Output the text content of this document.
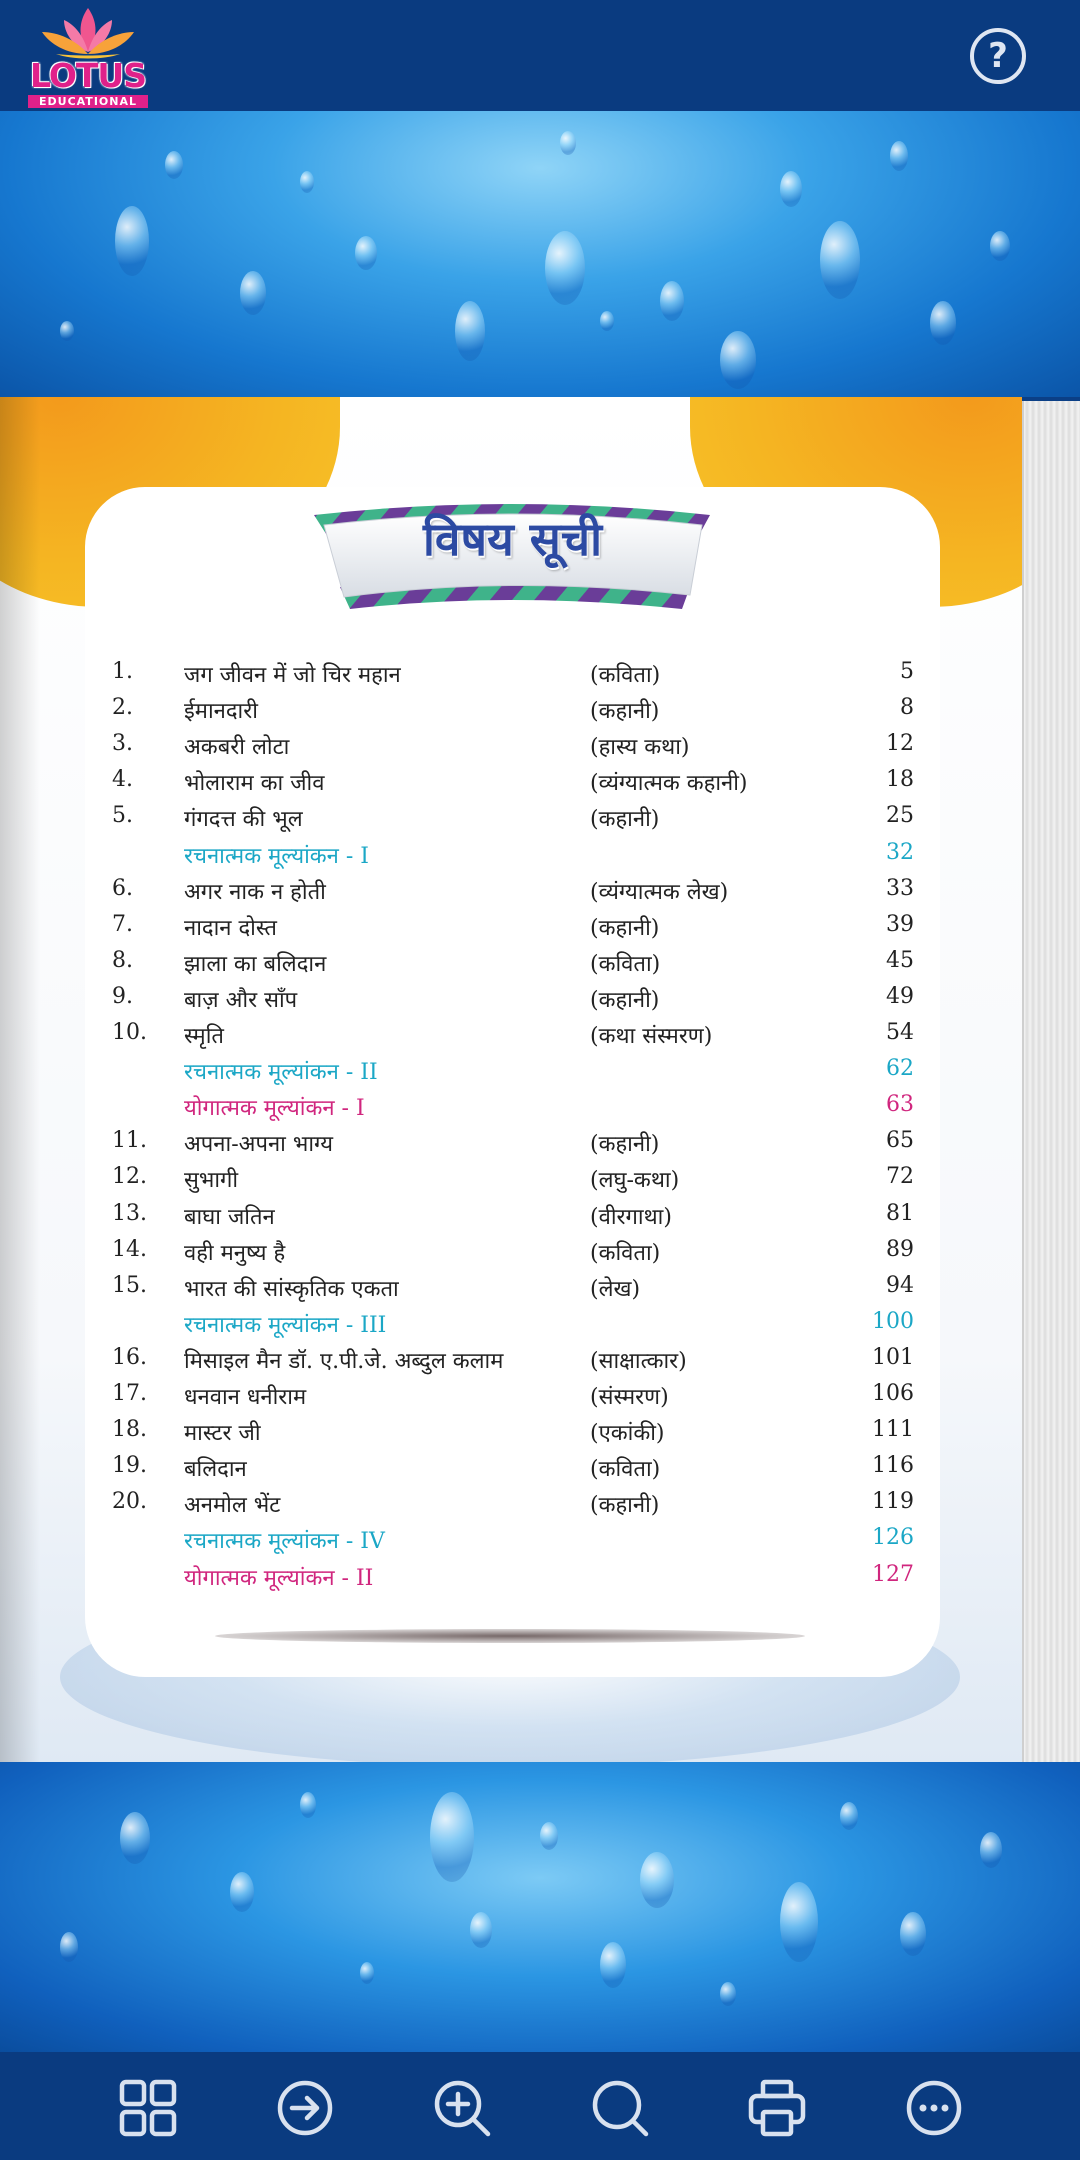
LOTUS
EDUCATIONAL
?
विषय सूची
1.	जग जीवन में जो चिर महान	(कविता)	5
2.	ईमानदारी	(कहानी)	8
3.	अकबरी लोटा	(हास्य कथा)	12
4.	भोलाराम का जीव	(व्यंग्यात्मक कहानी)	18
5.	गंगदत्त की भूल	(कहानी)	25
रचनात्मक मूल्यांकन - I	32
6.	अगर नाक न होती	(व्यंग्यात्मक लेख)	33
7.	नादान दोस्त	(कहानी)	39
8.	झाला का बलिदान	(कविता)	45
9.	बाज़ और साँप	(कहानी)	49
10.	स्मृति	(कथा संस्मरण)	54
रचनात्मक मूल्यांकन - II	62
योगात्मक मूल्यांकन - I	63
11.	अपना-अपना भाग्य	(कहानी)	65
12.	सुभागी	(लघु-कथा)	72
13.	बाघा जतिन	(वीरगाथा)	81
14.	वही मनुष्य है	(कविता)	89
15.	भारत की सांस्कृतिक एकता	(लेख)	94
रचनात्मक मूल्यांकन - III	100
16.	मिसाइल मैन डॉ. ए.पी.जे. अब्दुल कलाम	(साक्षात्कार)	101
17.	धनवान धनीराम	(संस्मरण)	106
18.	मास्टर जी	(एकांकी)	111
19.	बलिदान	(कविता)	116
20.	अनमोल भेंट	(कहानी)	119
रचनात्मक मूल्यांकन - IV	126
योगात्मक मूल्यांकन - II	127
